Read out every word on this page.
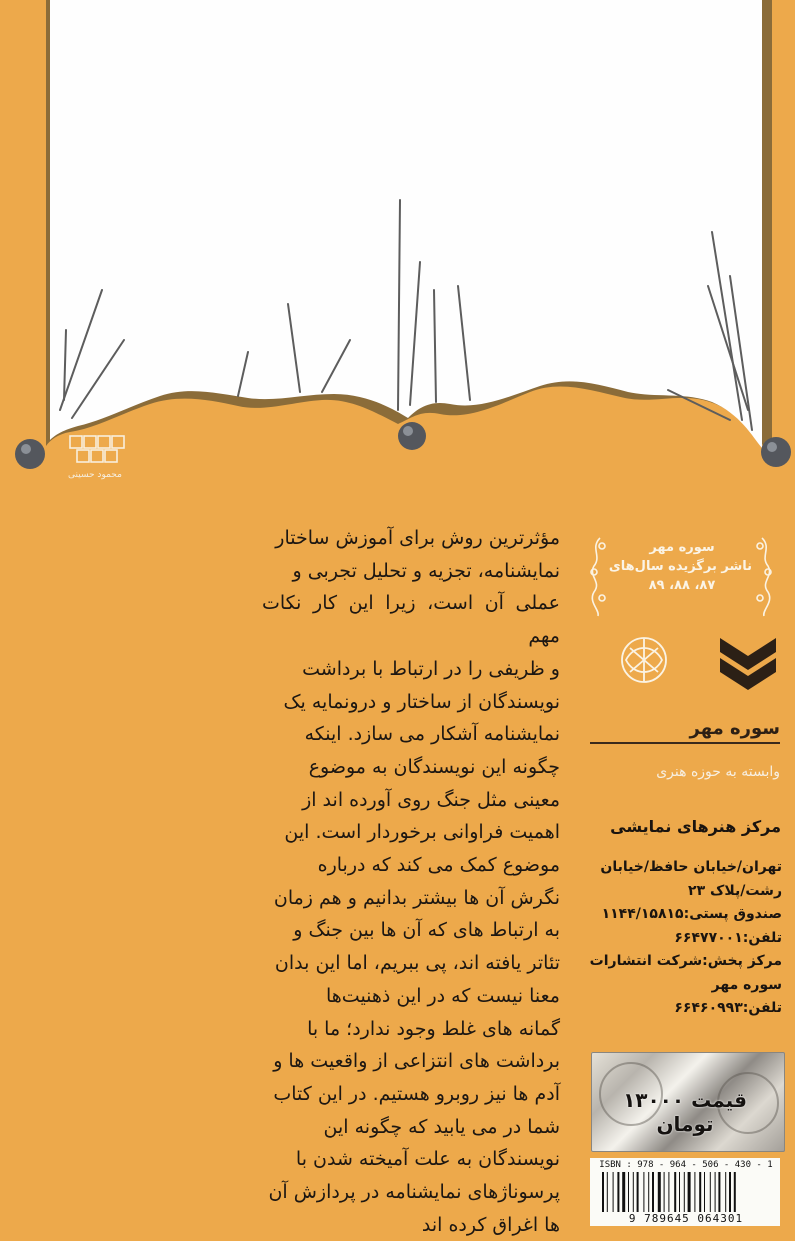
محمود حسینی
مؤثرترین روش برای آموزش ساختار
نمایشنامه، تجزیه و تحلیل تجربی و
عملی آن است، زیرا این کار نکات مهم
و ظریفی را در ارتباط با برداشت
نویسندگان از ساختار و درونمایه یک
نمایشنامه آشکار می سازد. اینکه
چگونه این نویسندگان به موضوع
معینی مثل جنگ روی آورده اند از
اهمیت فراوانی برخوردار است. این
موضوع کمک می کند که درباره
نگرش آن ها بیشتر بدانیم و هم زمان
به ارتباط های که آن ها بین جنگ و
تئاتر یافته اند، پی ببریم، اما این بدان
معنا نیست که در این ذهنیت‌ها
گمانه های غلط وجود ندارد؛ ما با
برداشت های انتزاعی از واقعیت ها و
آدم ها نیز روبرو هستیم. در این کتاب
شما در می یابید که چگونه این
نویسندگان به علت آمیخته شدن با
پرسوناژهای نمایشنامه در پردازش آن
ها اغراق کرده اند
سوره مهر
ناشر برگزیده سال‌های
۸۷، ۸۸، ۸۹
سوره مهر
وابسته به حوزه هنری
مرکز هنرهای نمایشی
تهران/خیابان حافظ/خیابان
رشت/پلاک ۲۳
صندوق پستی:۱۱۴۴/۱۵۸۱۵
تلفن:۶۶۴۷۷۰۰۱
مرکز پخش:شرکت انتشارات
سوره مهر
تلفن:۶۶۴۶۰۹۹۳
قیمت ۱۳۰۰۰ تومان
ISBN : 978 - 964 - 506 - 430 - 1
9 789645 064301
